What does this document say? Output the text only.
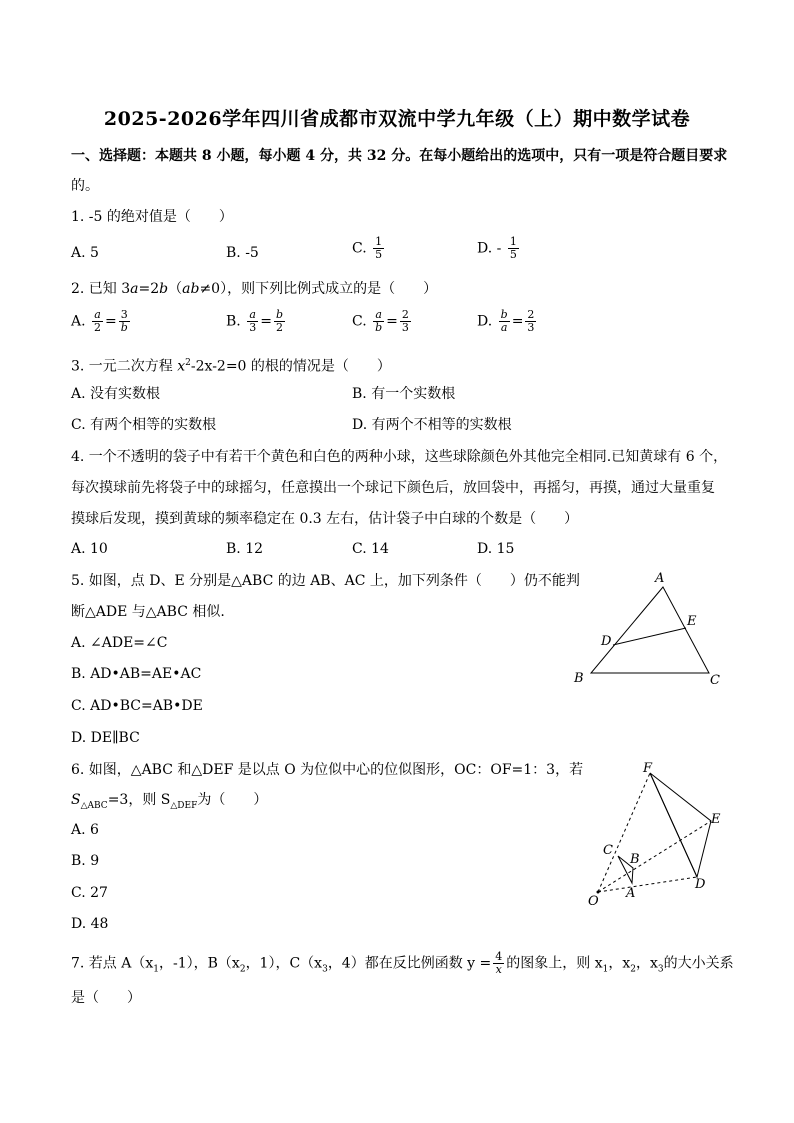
2025-2026学年四川省成都市双流中学九年级（上）期中数学试卷
一、选择题：本题共 8 小题，每小题 4 分，共 32 分。在每小题给出的选项中，只有一项是符合题目要求
的。
1. -5 的绝对值是（　　）
A. 5	B. -5	C. $\frac{1}{5}$	D. - $\frac{1}{5}$
2. 已知 3a=2b（ab≠0），则下列比例式成立的是（　　）
A. $\frac{a}{2} = \frac{3}{b}$	B. $\frac{a}{3} = \frac{b}{2}$	C. $\frac{a}{b} = \frac{2}{3}$	D. $\frac{b}{a} = \frac{2}{3}$
3. 一元二次方程 $x^2-2x-2=0$ 的根的情况是（　　）
A. 没有实数根	B. 有一个实数根
C. 有两个相等的实数根	D. 有两个不相等的实数根
4. 一个不透明的袋子中有若干个黄色和白色的两种小球，这些球除颜色外其他完全相同.已知黄球有 6 个，
每次摸球前先将袋子中的球摇匀，任意摸出一个球记下颜色后，放回袋中，再摇匀，再摸，通过大量重复
摸球后发现，摸到黄球的频率稳定在 0.3 左右，估计袋子中白球的个数是（　　）
A. 10	B. 12	C. 14	D. 15
5. 如图，点 D、E 分别是△ABC 的边 AB、AC 上，加下列条件（　　）仍不能判
断△ADE 与△ABC 相似.
A. ∠ADE=∠C
B. AD•AB=AE•AC
C. AD•BC=AB•DE
D. DE∥BC
A
B	C
D
E
6. 如图，△ABC 和△DEF 是以点 O 为位似中心的位似图形，OC：OF=1：3，若
$S_{\triangle ABC}=3$，则 $S_{\triangle DEF}$为（　　）
A. 6
B. 9
C. 27
D. 48
F
E
C
B
D
O
A
7. 若点 $A(x_1$，-1），$B(x_2$，1），$C(x_3$，4）都在反比例函数 $y = \frac{4}{x}$ 的图象上，则 $x_1$，$x_2$，$x_3$的大小关系
是（　　）
